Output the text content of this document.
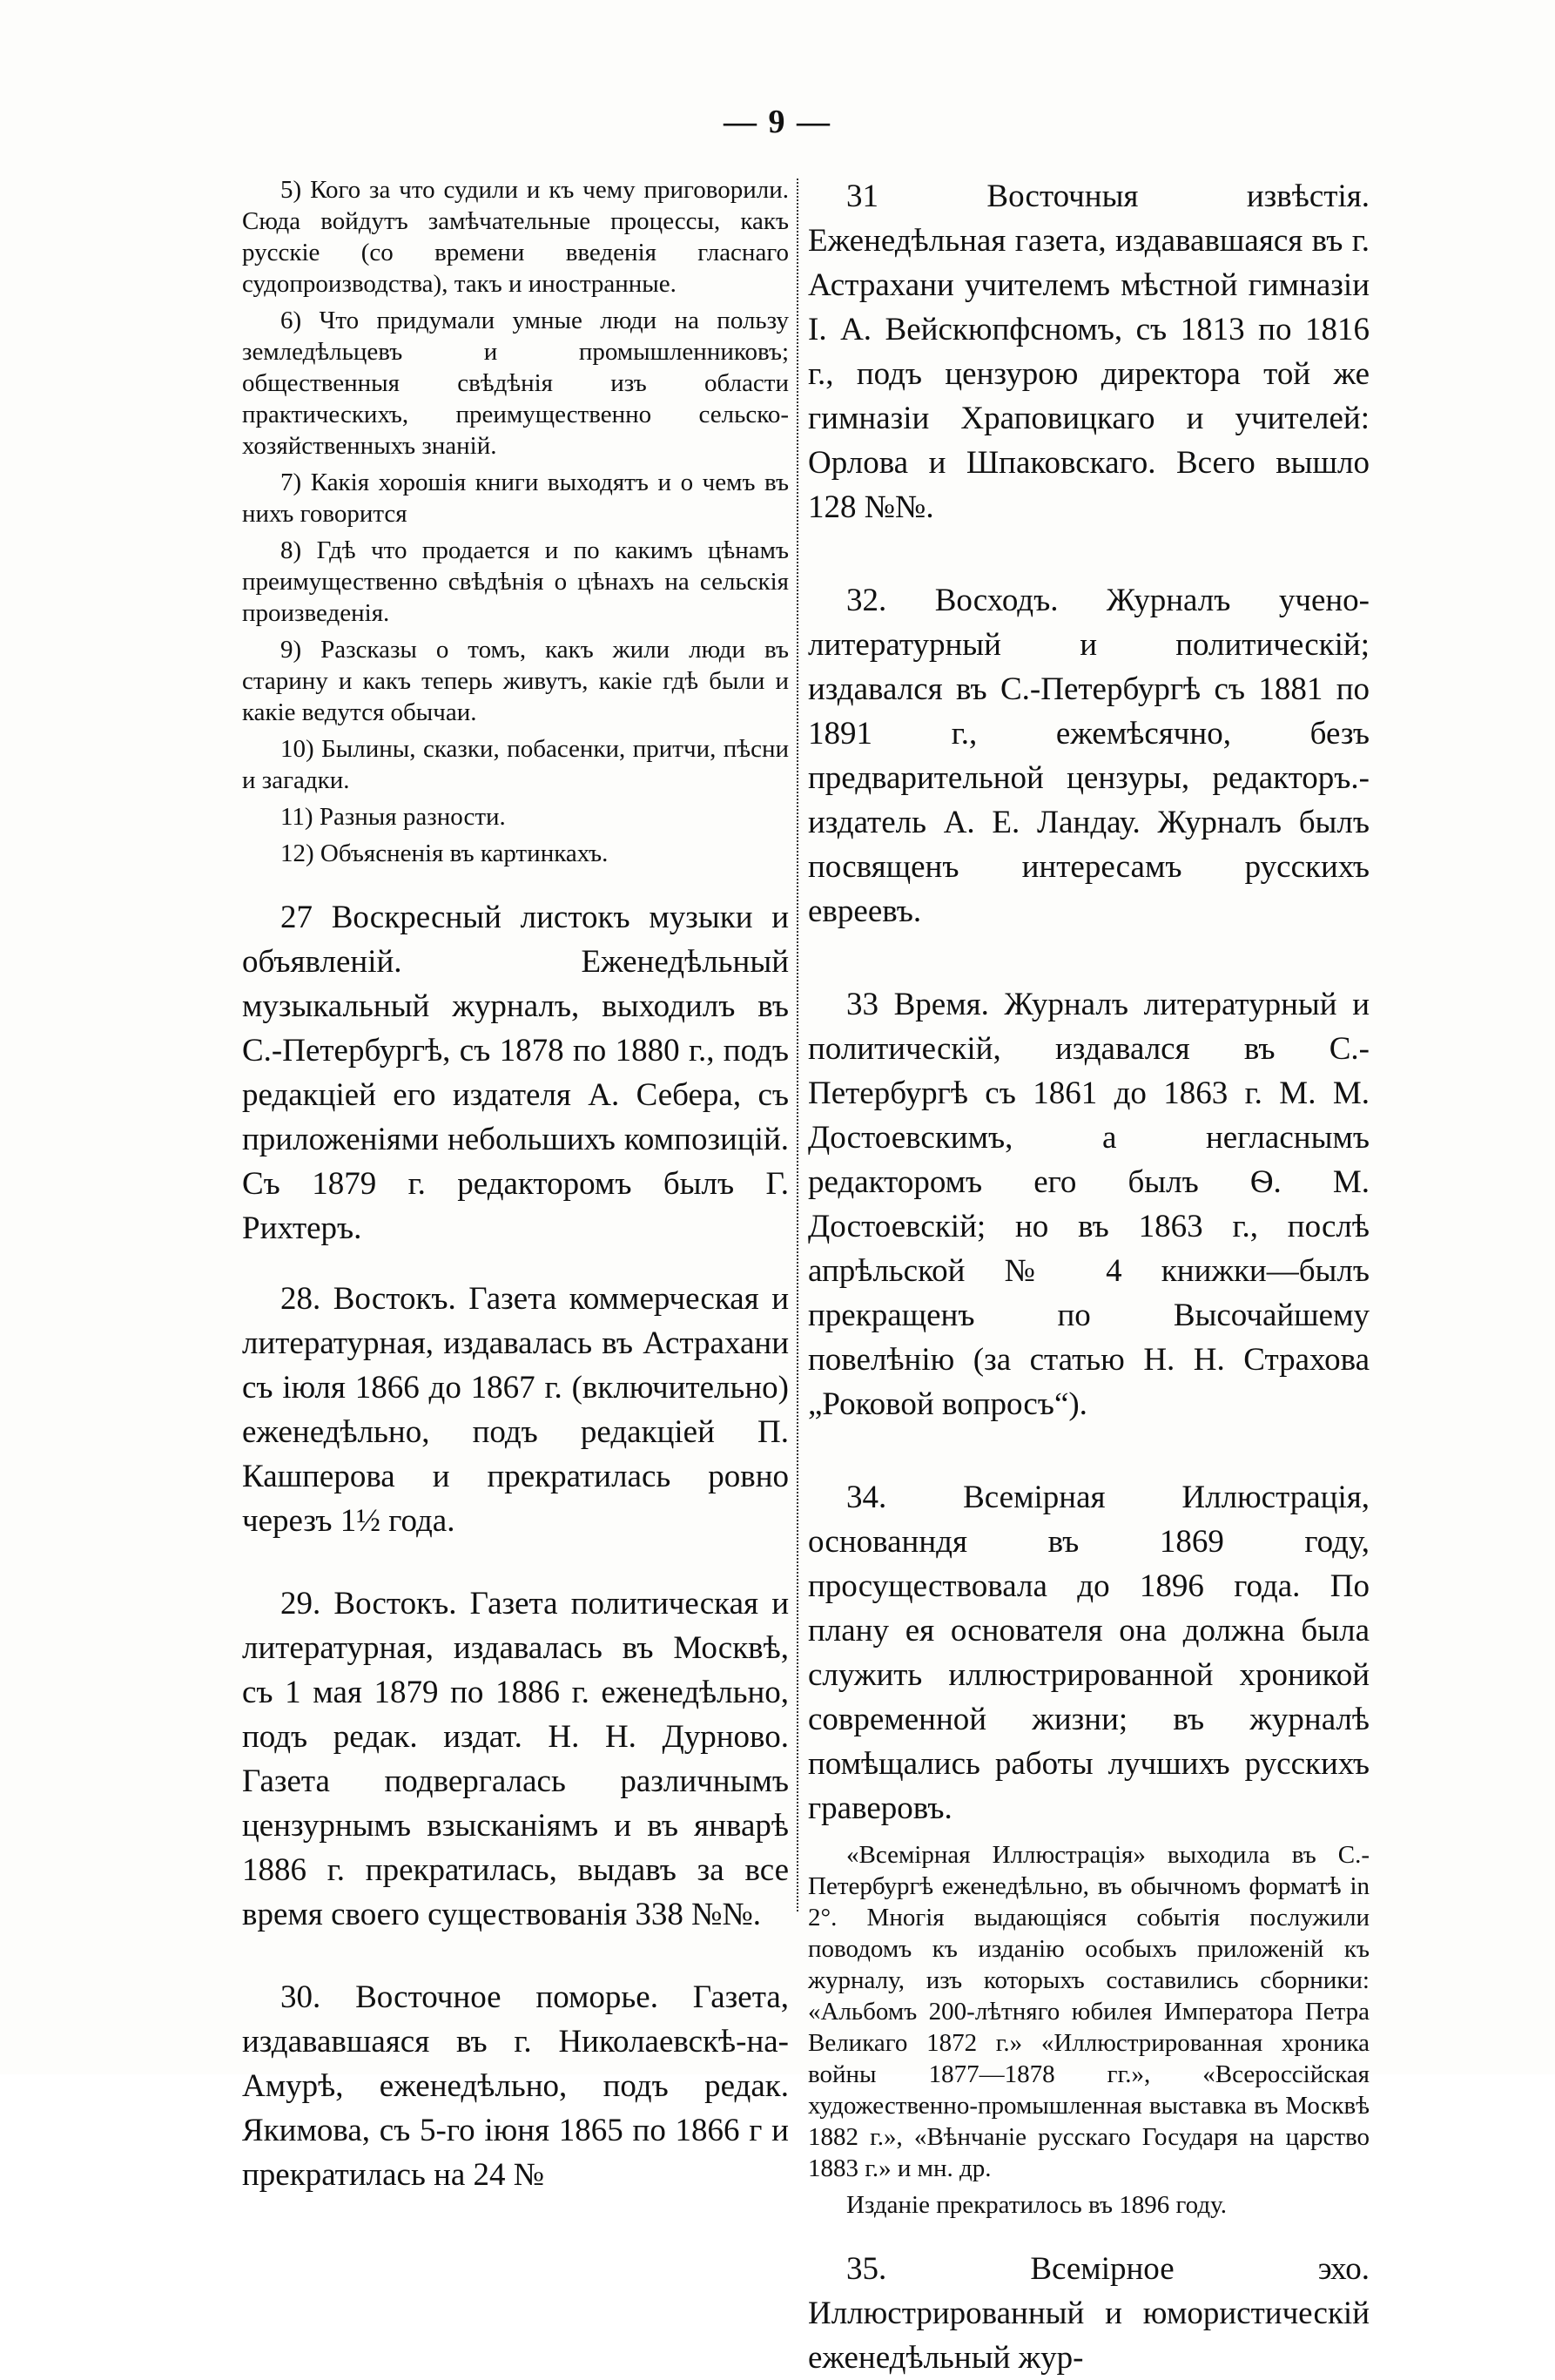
— 9 —

5) Кого за что судили и къ чему приговорили. Сюда войдутъ замѣчательные процессы, какъ русскіе (со времени введенія гласнаго судопроизводства), такъ и иностранные.

6) Что придумали умные люди на пользу земледѣльцевъ и промышленниковъ; общественныя свѣдѣнія изъ области практическихъ, преимущественно сельско-хозяйственныхъ знаній.

7) Какія хорошія книги выходятъ и о чемъ въ нихъ говорится

8) Гдѣ что продается и по какимъ цѣнамъ преимущественно свѣдѣнія о цѣнахъ на сельскія произведенія.

9) Разсказы о томъ, какъ жили люди въ старину и какъ теперь живутъ, какіе гдѣ были и какіе ведутся обычаи.

10) Былины, сказки, побасенки, притчи, пѣсни и загадки.

11) Разныя разности.

12) Объясненія въ картинкахъ.

27 Воскресный листокъ музыки и объявленій. Еженедѣльный музыкальный журналъ, выходилъ въ С.-Петербургѣ, съ 1878 по 1880 г., подъ редакціей его издателя А. Себера, съ приложеніями небольшихъ композицій. Съ 1879 г. редакторомъ былъ Г. Рихтеръ.

28. Востокъ. Газета коммерческая и литературная, издавалась въ Астрахани съ іюля 1866 до 1867 г. (включительно) еженедѣльно, подъ редакціей П. Кашперова и прекратилась ровно черезъ 1½ года.

29. Востокъ. Газета политическая и литературная, издавалась въ Москвѣ, съ 1 мая 1879 по 1886 г. еженедѣльно, подъ редак. издат. Н. Н. Дурново. Газета подвергалась различнымъ цензурнымъ взысканіямъ и въ январѣ 1886 г. прекратилась, выдавъ за все время своего существованія 338 №№.

30. Восточное поморье. Газета, издававшаяся въ г. Николаевскѣ-на-Амурѣ, еженедѣльно, подъ редак. Якимова, съ 5-го іюня 1865 по 1866 г и прекратилась на 24 №

31 Восточныя извѣстія. Еженедѣльная газета, издававшаяся въ г. Астрахани учителемъ мѣстной гимназіи І. А. Вейскюпфсномъ, съ 1813 по 1816 г., подъ цензурою директора той же гимназіи Храповицкаго и учителей: Орлова и Шпаковскаго. Всего вышло 128 №№.

32. Восходъ. Журналъ учено-литературный и политическій; издавался въ С.-Петербургѣ съ 1881 по 1891 г., ежемѣсячно, безъ предварительной цензуры, редакторъ.-издатель А. Е. Ландау. Журналъ былъ посвященъ интересамъ русскихъ евреевъ.

33 Время. Журналъ литературный и политическій, издавался въ С.-Петербургѣ съ 1861 до 1863 г. М. М. Достоевскимъ, а негласнымъ редакторомъ его былъ Ѳ. М. Достоевскій; но въ 1863 г., послѣ апрѣльской № 4 книжки—былъ прекращенъ по Высочайшему повелѣнію (за статью Н. Н. Страхова „Роковой вопросъ“).

34. Всемірная Иллюстрація, основанндя въ 1869 году, просуществовала до 1896 года. По плану ея основателя она должна была служить иллюстрированной хроникой современной жизни; въ журналѣ помѣщались работы лучшихъ русскихъ граверовъ.

«Всемірная Иллюстрація» выходила въ С.-Петербургѣ еженедѣльно, въ обычномъ форматѣ in 2°. Многія выдающіяся событія послужили поводомъ къ изданію особыхъ приложеній къ журналу, изъ которыхъ составились сборники: «Альбомъ 200-лѣтняго юбилея Императора Петра Великаго 1872 г.» «Иллюстрированная хроника войны 1877—1878 гг.», «Всероссійская художественно-промышленная выставка въ Москвѣ 1882 г.», «Вѣнчаніе русскаго Государя на царство 1883 г.» и мн. др.

Изданіе прекратилось въ 1896 году.

35. Всемірное эхо. Иллюстрированный и юмористическій еженедѣльный жур-
